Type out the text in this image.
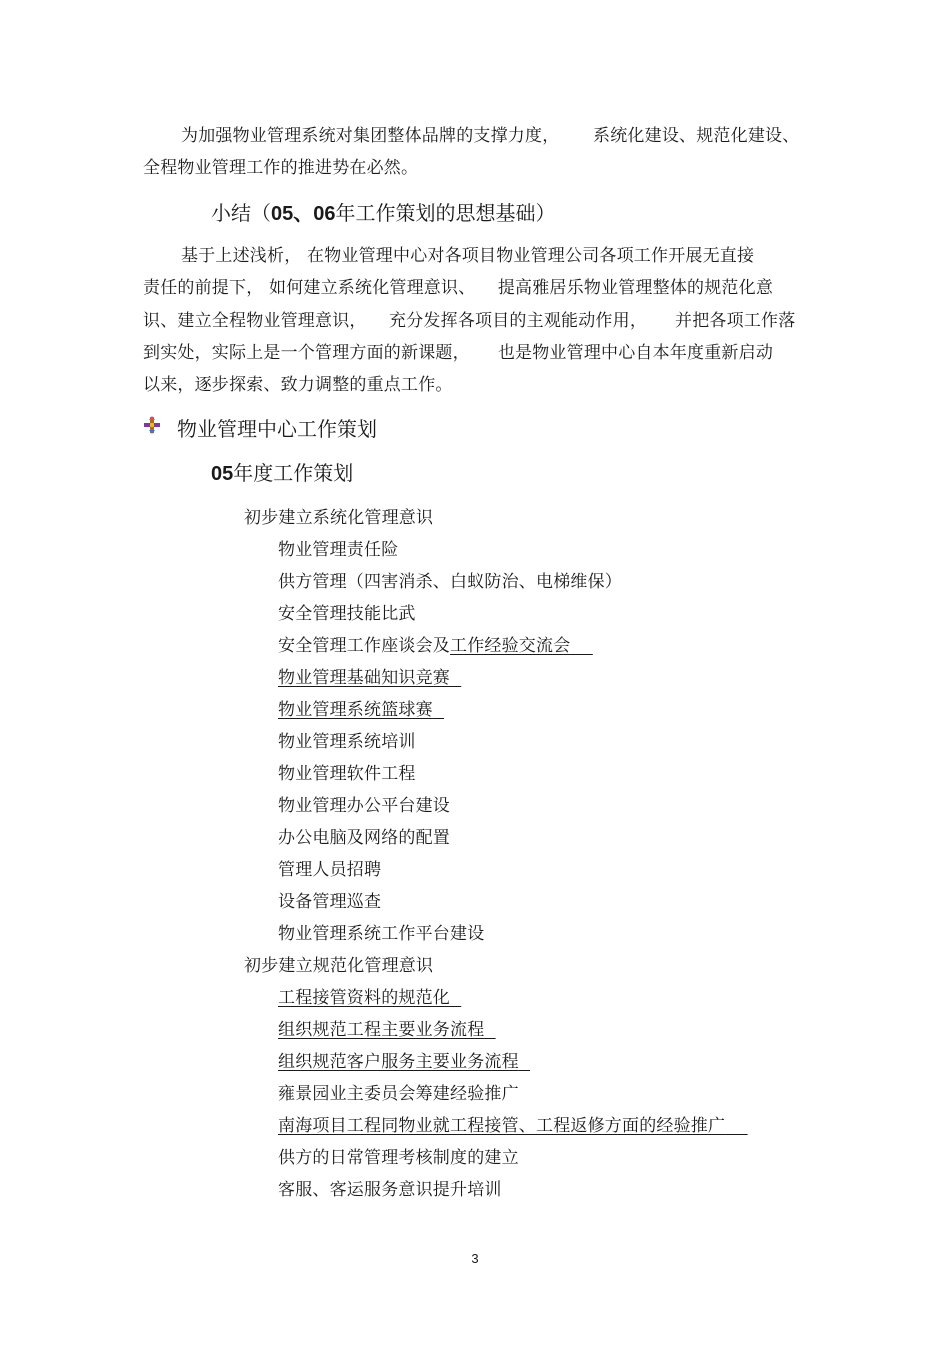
为加强物业管理系统对集团整体品牌的支撑力度，      系统化建设、规范化建设、
全程物业管理工作的推进势在必然。
小结（05、06年工作策划的思想基础）
基于上述浅析， 在物业管理中心对各项目物业管理公司各项工作开展无直接
责任的前提下， 如何建立系统化管理意识、    提高雅居乐物业管理整体的规范化意
识、建立全程物业管理意识，    充分发挥各项目的主观能动作用，     并把各项工作落
到实处，实际上是一个管理方面的新课题，     也是物业管理中心自本年度重新启动
以来，逐步探索、致力调整的重点工作。
物业管理中心工作策划
05年度工作策划
初步建立系统化管理意识
物业管理责任险
供方管理（四害消杀、白蚁防治、电梯维保）
安全管理技能比武
安全管理工作座谈会及工作经验交流会
物业管理基础知识竞赛
物业管理系统篮球赛
物业管理系统培训
物业管理软件工程
物业管理办公平台建设
办公电脑及网络的配置
管理人员招聘
设备管理巡查
物业管理系统工作平台建设
初步建立规范化管理意识
工程接管资料的规范化
组织规范工程主要业务流程
组织规范客户服务主要业务流程
雍景园业主委员会筹建经验推广
南海项目工程同物业就工程接管、工程返修方面的经验推广
供方的日常管理考核制度的建立
客服、客运服务意识提升培训
3
